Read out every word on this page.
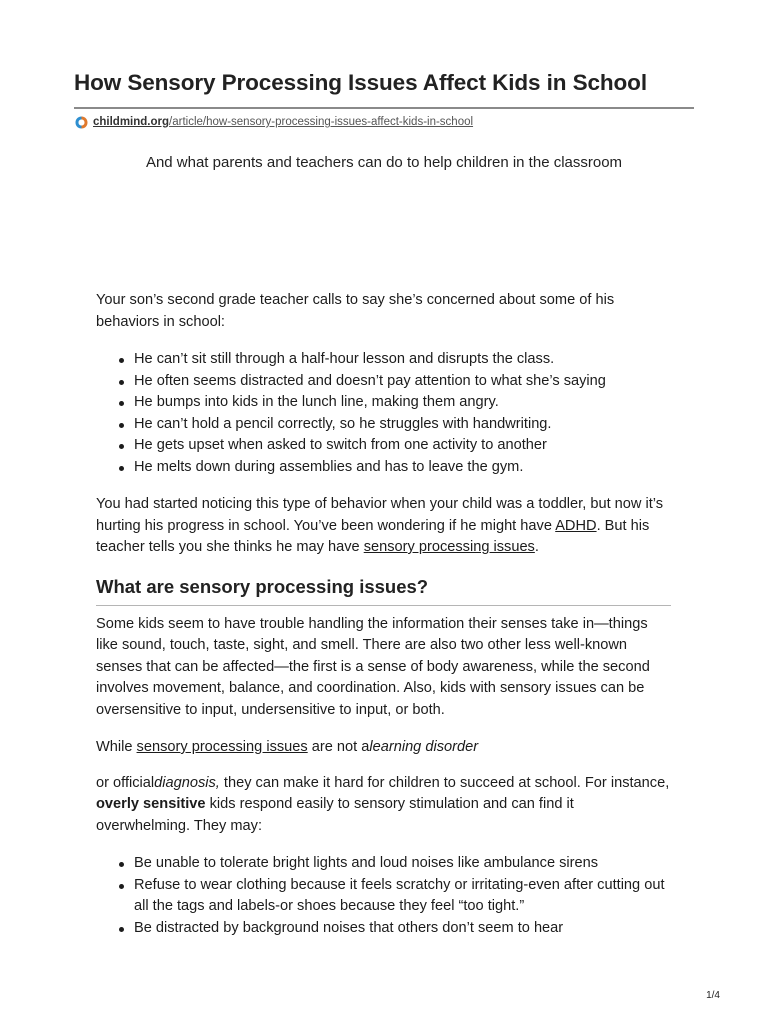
How Sensory Processing Issues Affect Kids in School
childmind.org /article/how-sensory-processing-issues-affect-kids-in-school
And what parents and teachers can do to help children in the classroom

Your son’s second grade teacher calls to say she’s concerned about some of his behaviors in school:

He can’t sit still through a half-hour lesson and disrupts the class.
He often seems distracted and doesn’t pay attention to what she’s saying
He bumps into kids in the lunch line, making them angry.
He can’t hold a pencil correctly, so he struggles with handwriting.
He gets upset when asked to switch from one activity to another
He melts down during assemblies and has to leave the gym.

You had started noticing this type of behavior when your child was a toddler, but now it’s hurting his progress in school. You’ve been wondering if he might have ADHD. But his teacher tells you she thinks he may have sensory processing issues.

What are sensory processing issues?

Some kids seem to have trouble handling the information their senses take in—things like sound, touch, taste, sight, and smell. There are also two other less well-known senses that can be affected—the first is a sense of body awareness, while the second involves movement, balance, and coordination. Also, kids with sensory issues can be oversensitive to input, undersensitive to input, or both.

While sensory processing issues are not alearning disorder

or officialdiagnosis, they can make it hard for children to succeed at school. For instance, overly sensitive kids respond easily to sensory stimulation and can find it overwhelming. They may:

Be unable to tolerate bright lights and loud noises like ambulance sirens
Refuse to wear clothing because it feels scratchy or irritating-even after cutting out all the tags and labels-or shoes because they feel “too tight.”
Be distracted by background noises that others don’t seem to hear
1/4
